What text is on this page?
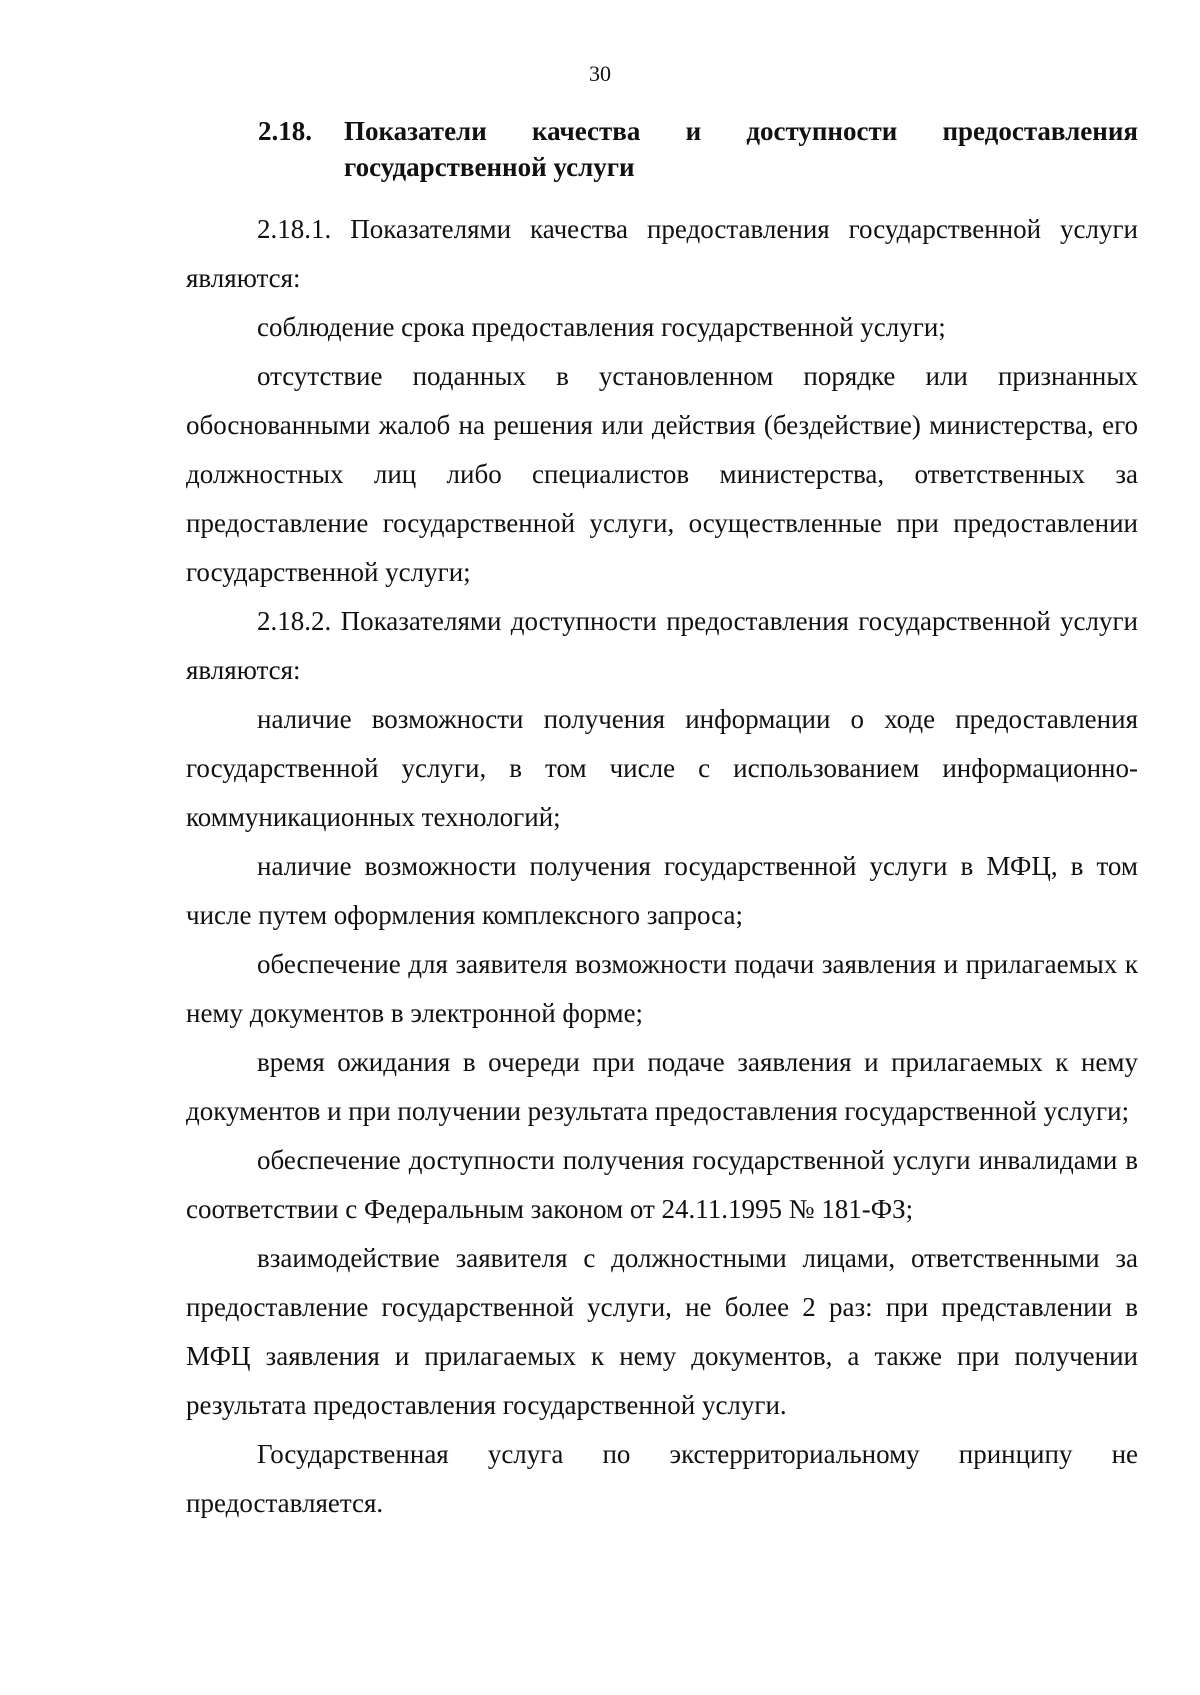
30
2.18. Показатели качества и доступности предоставления государственной услуги

2.18.1. Показателями качества предоставления государственной услуги являются:

соблюдение срока предоставления государственной услуги;

отсутствие поданных в установленном порядке или признанных обоснованными жалоб на решения или действия (бездействие) министерства, его должностных лиц либо специалистов министерства, ответственных за предоставление государственной услуги, осуществленные при предоставлении государственной услуги;

2.18.2. Показателями доступности предоставления государственной услуги являются:

наличие возможности получения информации о ходе предоставления государственной услуги, в том числе с использованием информационно-коммуникационных технологий;

наличие возможности получения государственной услуги в МФЦ, в том числе путем оформления комплексного запроса;

обеспечение для заявителя возможности подачи заявления и прилагаемых к нему документов в электронной форме;

время ожидания в очереди при подаче заявления и прилагаемых к нему документов и при получении результата предоставления государственной услуги;

обеспечение доступности получения государственной услуги инвалидами в соответствии с Федеральным законом от 24.11.1995 № 181-ФЗ;

взаимодействие заявителя с должностными лицами, ответственными за предоставление государственной услуги, не более 2 раз: при представлении в МФЦ заявления и прилагаемых к нему документов, а также при получении результата предоставления государственной услуги.

Государственная услуга по экстерриториальному принципу не предоставляется.
